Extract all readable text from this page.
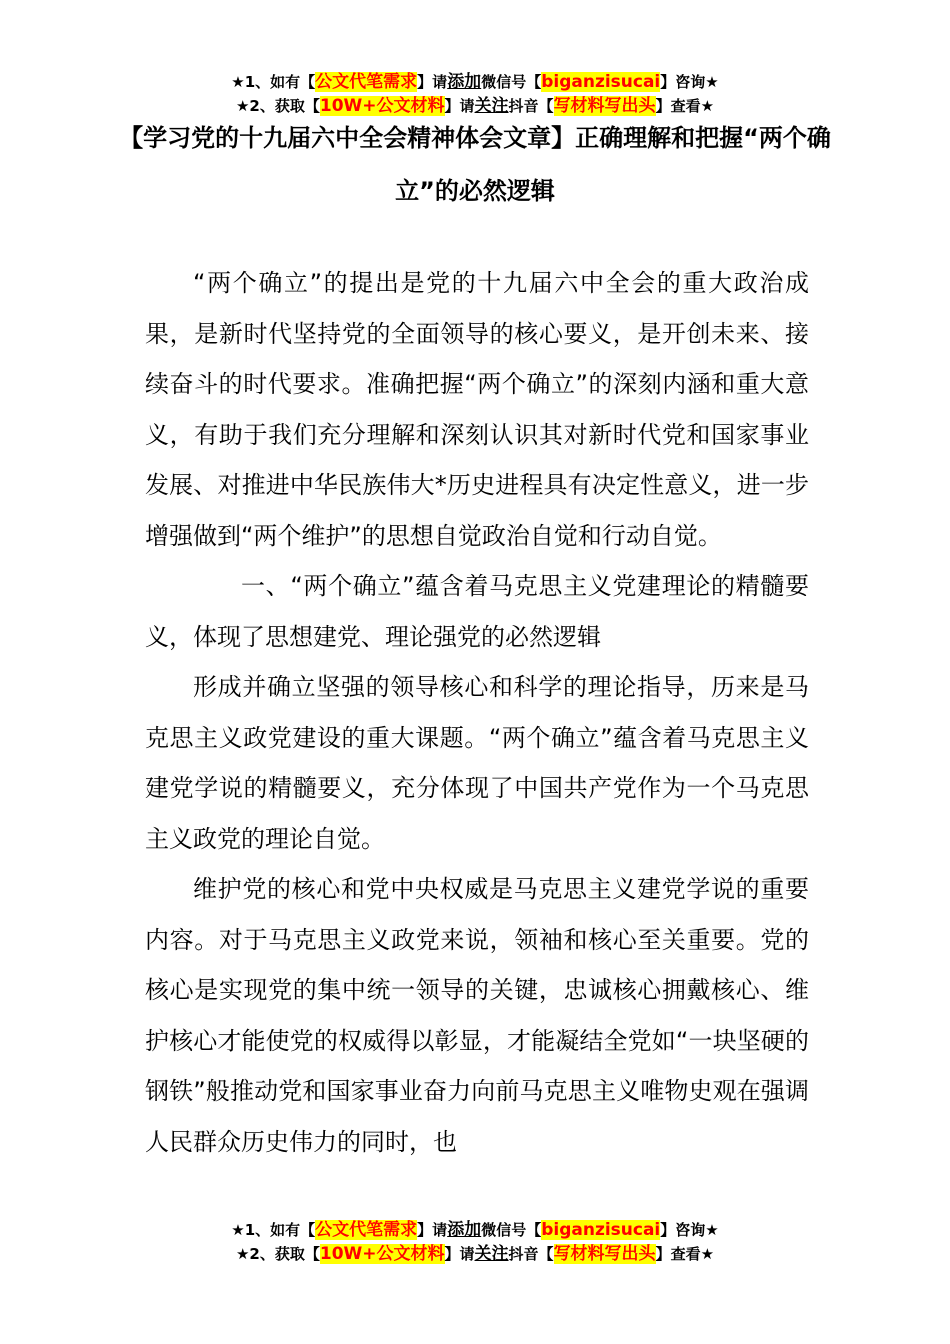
★1、如有【公文代笔需求】请添加微信号【biganzisucai】咨询★
★2、获取【10W+公文材料】请关注抖音【写材料写出头】查看★
【学习党的十九届六中全会精神体会文章】正确理解和把握“两个确立”的必然逻辑

“两个确立”的提出是党的十九届六中全会的重大政治成果，是新时代坚持党的全面领导的核心要义，是开创未来、接续奋斗的时代要求。准确把握“两个确立”的深刻内涵和重大意义，有助于我们充分理解和深刻认识其对新时代党和国家事业发展、对推进中华民族伟大*历史进程具有决定性意义，进一步增强做到“两个维护”的思想自觉政治自觉和行动自觉。

一、“两个确立”蕴含着马克思主义党建理论的精髓要义，体现了思想建党、理论强党的必然逻辑

形成并确立坚强的领导核心和科学的理论指导，历来是马克思主义政党建设的重大课题。“两个确立”蕴含着马克思主义建党学说的精髓要义，充分体现了中国共产党作为一个马克思主义政党的理论自觉。

维护党的核心和党中央权威是马克思主义建党学说的重要内容。对于马克思主义政党来说，领袖和核心至关重要。党的核心是实现党的集中统一领导的关键，忠诚核心拥戴核心、维护核心才能使党的权威得以彰显，才能凝结全党如“一块坚硬的钢铁”般推动党和国家事业奋力向前马克思主义唯物史观在强调人民群众历史伟力的同时，也

★1、如有【公文代笔需求】请添加微信号【biganzisucai】咨询★
★2、获取【10W+公文材料】请关注抖音【写材料写出头】查看★
